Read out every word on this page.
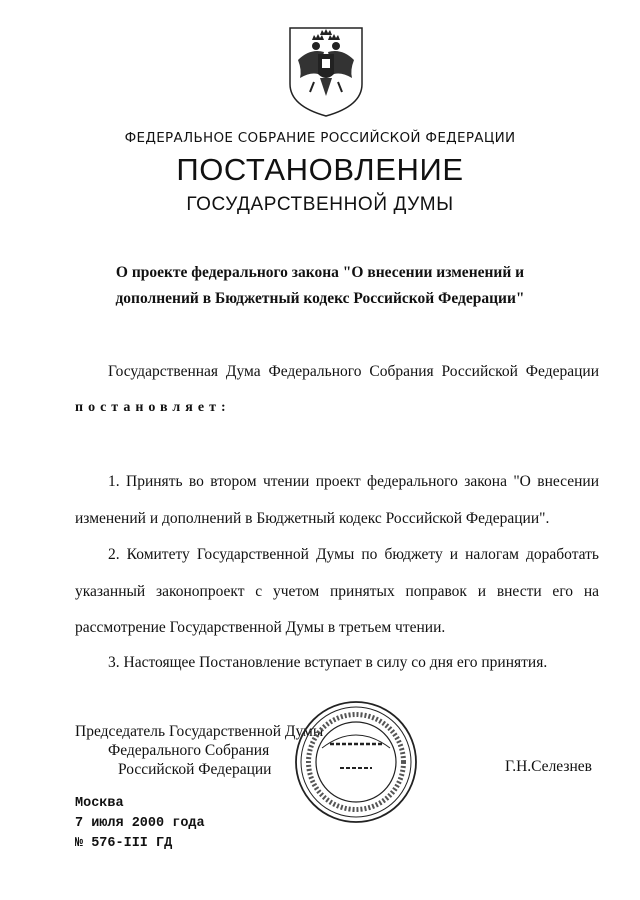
ФЕДЕРАЛЬНОЕ СОБРАНИЕ РОССИЙСКОЙ ФЕДЕРАЦИИ
ПОСТАНОВЛЕНИЕ
ГОСУДАРСТВЕННОЙ ДУМЫ
О проекте федерального закона "О внесении изменений и
дополнений в Бюджетный кодекс Российской Федерации"

Государственная Дума Федерального Собрания Российской Федерации

постановляет:

1. Принять во втором чтении проект федерального закона "О внесении

изменений и дополнений в Бюджетный кодекс Российской Федерации".

2. Комитету Государственной Думы по бюджету и налогам доработать

указанный законопроект с учетом принятых поправок и внести его на

рассмотрение Государственной Думы в третьем чтении.

3. Настоящее Постановление вступает в силу со дня его принятия.

Председатель Государственной Думы
Федерального Собрания
Российской Федерации	Г.Н.Селезнев
Москва
7 июля 2000 года
№ 576-III ГД
